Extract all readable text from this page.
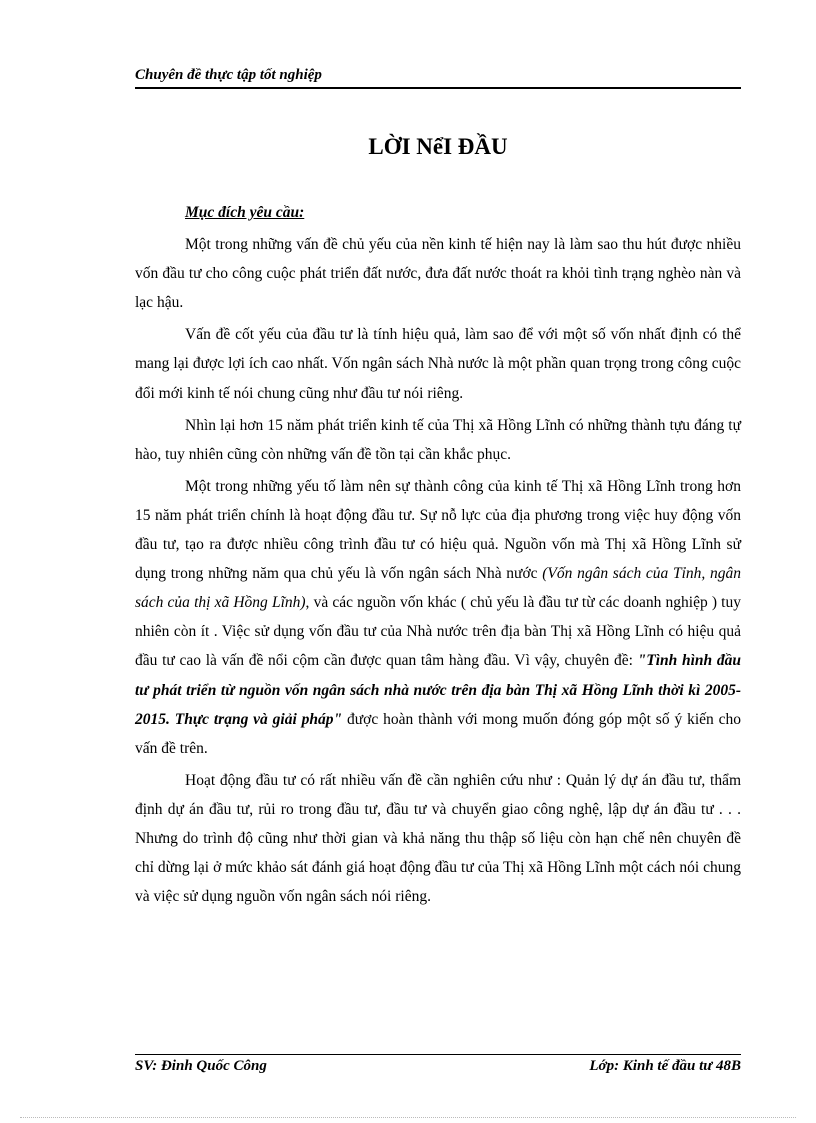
Chuyên đề thực tập tốt nghiệp
LỜI NểI ĐẦU

Mục đích yêu cầu:

Một trong những vấn đề chủ yếu của nền kinh tế hiện nay là làm sao thu hút được nhiều vốn đầu tư cho công cuộc phát triển đất nước, đưa đất nước thoát ra khỏi tình trạng nghèo nàn và lạc hậu.

Vấn đề cốt yếu của đầu tư là tính hiệu quả, làm sao để với một số vốn nhất định có thể mang lại được lợi ích cao nhất. Vốn ngân sách Nhà nước là một phần quan trọng trong công cuộc đổi mới kinh tế nói chung cũng như đầu tư nói riêng.

Nhìn lại hơn 15 năm phát triển kinh tế của Thị xã Hồng Lĩnh có những thành tựu đáng tự hào, tuy nhiên cũng còn những vấn đề tồn tại cần khắc phục.

Một trong những yếu tố làm nên sự thành công của kinh tế Thị xã Hồng Lĩnh trong hơn 15 năm phát triển chính là hoạt động đầu tư. Sự nỗ lực của địa phương trong việc huy động vốn đầu tư, tạo ra được nhiều công trình đầu tư có hiệu quả. Nguồn vốn mà Thị xã Hồng Lĩnh sử dụng trong những năm qua chủ yếu là vốn ngân sách Nhà nước (Vốn ngân sách của Tỉnh, ngân sách của thị xã Hồng Lĩnh), và các nguồn vốn khác ( chủ yếu là đầu tư từ các doanh nghiệp ) tuy nhiên còn ít . Việc sử dụng vốn đầu tư của Nhà nước trên địa bàn Thị xã Hồng Lĩnh có hiệu quả đầu tư cao là vấn đề nổi cộm cần được quan tâm hàng đầu. Vì vậy, chuyên đề: "Tình hình đầu tư phát triển từ nguồn vốn ngân sách nhà nước trên địa bàn Thị xã Hồng Lĩnh thời kì 2005-2015. Thực trạng và giải pháp" được hoàn thành với mong muốn đóng góp một số ý kiến cho vấn đề trên.

Hoạt động đầu tư có rất nhiều vấn đề cần nghiên cứu như : Quản lý dự án đầu tư, thẩm định dự án đầu tư, rủi ro trong đầu tư, đầu tư và chuyển giao công nghệ, lập dự án đầu tư . . . Nhưng do trình độ cũng như thời gian và khả năng thu thập số liệu còn hạn chế nên chuyên đề chỉ dừng lại ở mức khảo sát đánh giá hoạt động đầu tư của Thị xã Hồng Lĩnh một cách nói chung và việc sử dụng nguồn vốn ngân sách nói riêng.

SV: Đinh Quốc Công	Lớp: Kinh tế đầu tư 48B
